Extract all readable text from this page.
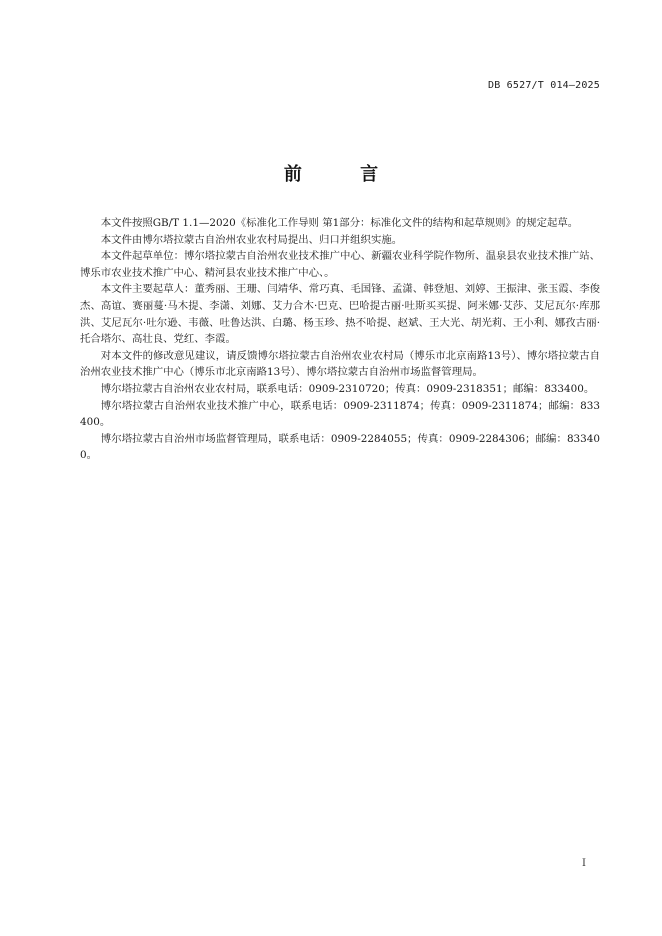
DB 6527/T 014—2025
前 言

本文件按照GB/T 1.1—2020《标准化工作导则 第1部分：标准化文件的结构和起草规则》的规定起草。

本文件由博尔塔拉蒙古自治州农业农村局提出、归口并组织实施。

本文件起草单位：博尔塔拉蒙古自治州农业技术推广中心、新疆农业科学院作物所、温泉县农业技术推广站、博乐市农业技术推广中心、精河县农业技术推广中心、。

本文件主要起草人：董秀丽、王珊、闫靖华、常巧真、毛国锋、孟潇、韩登旭、刘婷、王振津、张玉霞、李俊杰、高谊、赛丽蔓·马木提、李潇、刘娜、艾力合木·巴克、巴哈提古丽·吐斯买买提、阿米娜·艾莎、艾尼瓦尔·库那洪、艾尼瓦尔·吐尔逊、韦薇、吐鲁达洪、白璐、杨玉珍、热不哈提、赵斌、王大光、胡光莉、王小利、娜孜古丽·托合塔尔、高壮良、党红、李霞。

对本文件的修改意见建议，请反馈博尔塔拉蒙古自治州农业农村局（博乐市北京南路13号）、博尔塔拉蒙古自治州农业技术推广中心（博乐市北京南路13号）、博尔塔拉蒙古自治州市场监督管理局。

博尔塔拉蒙古自治州农业农村局，联系电话：0909-2310720；传真：0909-2318351；邮编：833400。

博尔塔拉蒙古自治州农业技术推广中心，联系电话：0909-2311874；传真：0909-2311874；邮编：833400。

博尔塔拉蒙古自治州市场监督管理局，联系电话：0909-2284055；传真：0909-2284306；邮编：833400。

I
